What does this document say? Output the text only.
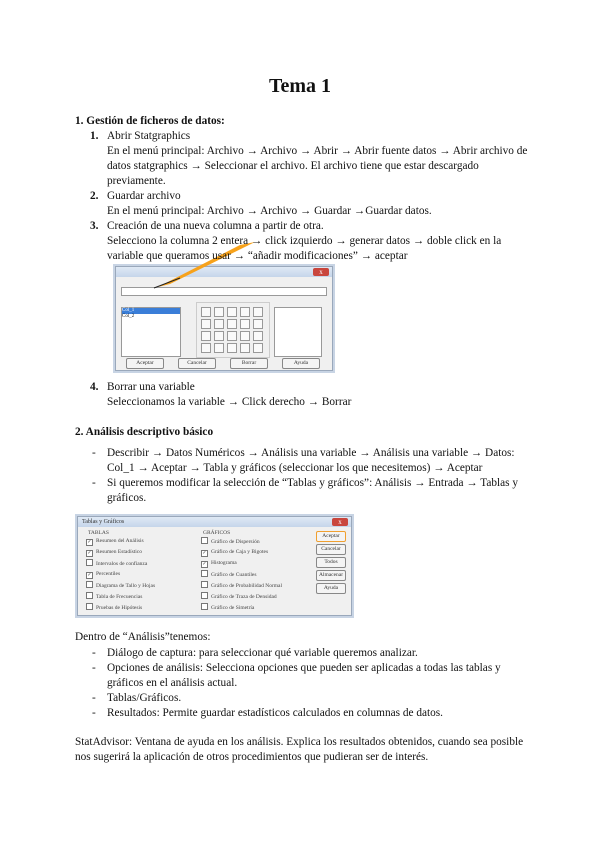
Tema 1
1. Gestión de ficheros de datos:
x
Col_1
Col_2
Aceptar	Cancelar	Borrar	Ayuda
2. Análisis descriptivo básico
Tablas y Gráficos	x
TABLAS	GRÁFICOS
✓ Resumen del Análisis
✓ Resumen Estadístico
Intervalos de confianza
✓ Percentiles
Diagrama de Tallo y Hojas
Tabla de Frecuencias
Pruebas de Hipótesis
Gráfico de Dispersión
✓ Gráfico de Caja y Bigotes
✓ Histograma
Gráfico de Cuantiles
Gráfico de Probabilidad Normal
Gráfico de Traza de Densidad
Gráfico de Simetría
Aceptar
Cancelar
Todos
Almacenar
Ayuda
Dentro de “Análisis”tenemos:
1. Abrir Statgraphics
En el menú principal: Archivo → Archivo → Abrir → Abrir fuente datos → Abrir archivo de
datos statgraphics → Seleccionar el archivo. El archivo tiene que estar descargado
previamente.
2. Guardar archivo
En el menú principal: Archivo → Archivo → Guardar →Guardar datos.
3. Creación de una nueva columna a partir de otra.
Selecciono la columna 2 entera → click izquierdo → generar datos → doble click en la
variable que queramos usar → “añadir modificaciones” → aceptar
4. Borrar una variable
Seleccionamos la variable → Click derecho → Borrar
- Describir → Datos Numéricos → Análisis una variable → Análisis una variable → Datos:
Col_1 → Aceptar → Tabla y gráficos (seleccionar los que necesitemos) → Aceptar
- Si queremos modificar la selección de “Tablas y gráficos”: Análisis → Entrada → Tablas y
gráficos.
- Diálogo de captura: para seleccionar qué variable queremos analizar.
- Opciones de análisis: Selecciona opciones que pueden ser aplicadas a todas las tablas y
gráficos en el análisis actual.
- Tablas/Gráficos.
- Resultados: Permite guardar estadísticos calculados en columnas de datos.
StatAdvisor: Ventana de ayuda en los análisis. Explica los resultados obtenidos, cuando sea posible
nos sugerirá la aplicación de otros procedimientos que pudieran ser de interés.
